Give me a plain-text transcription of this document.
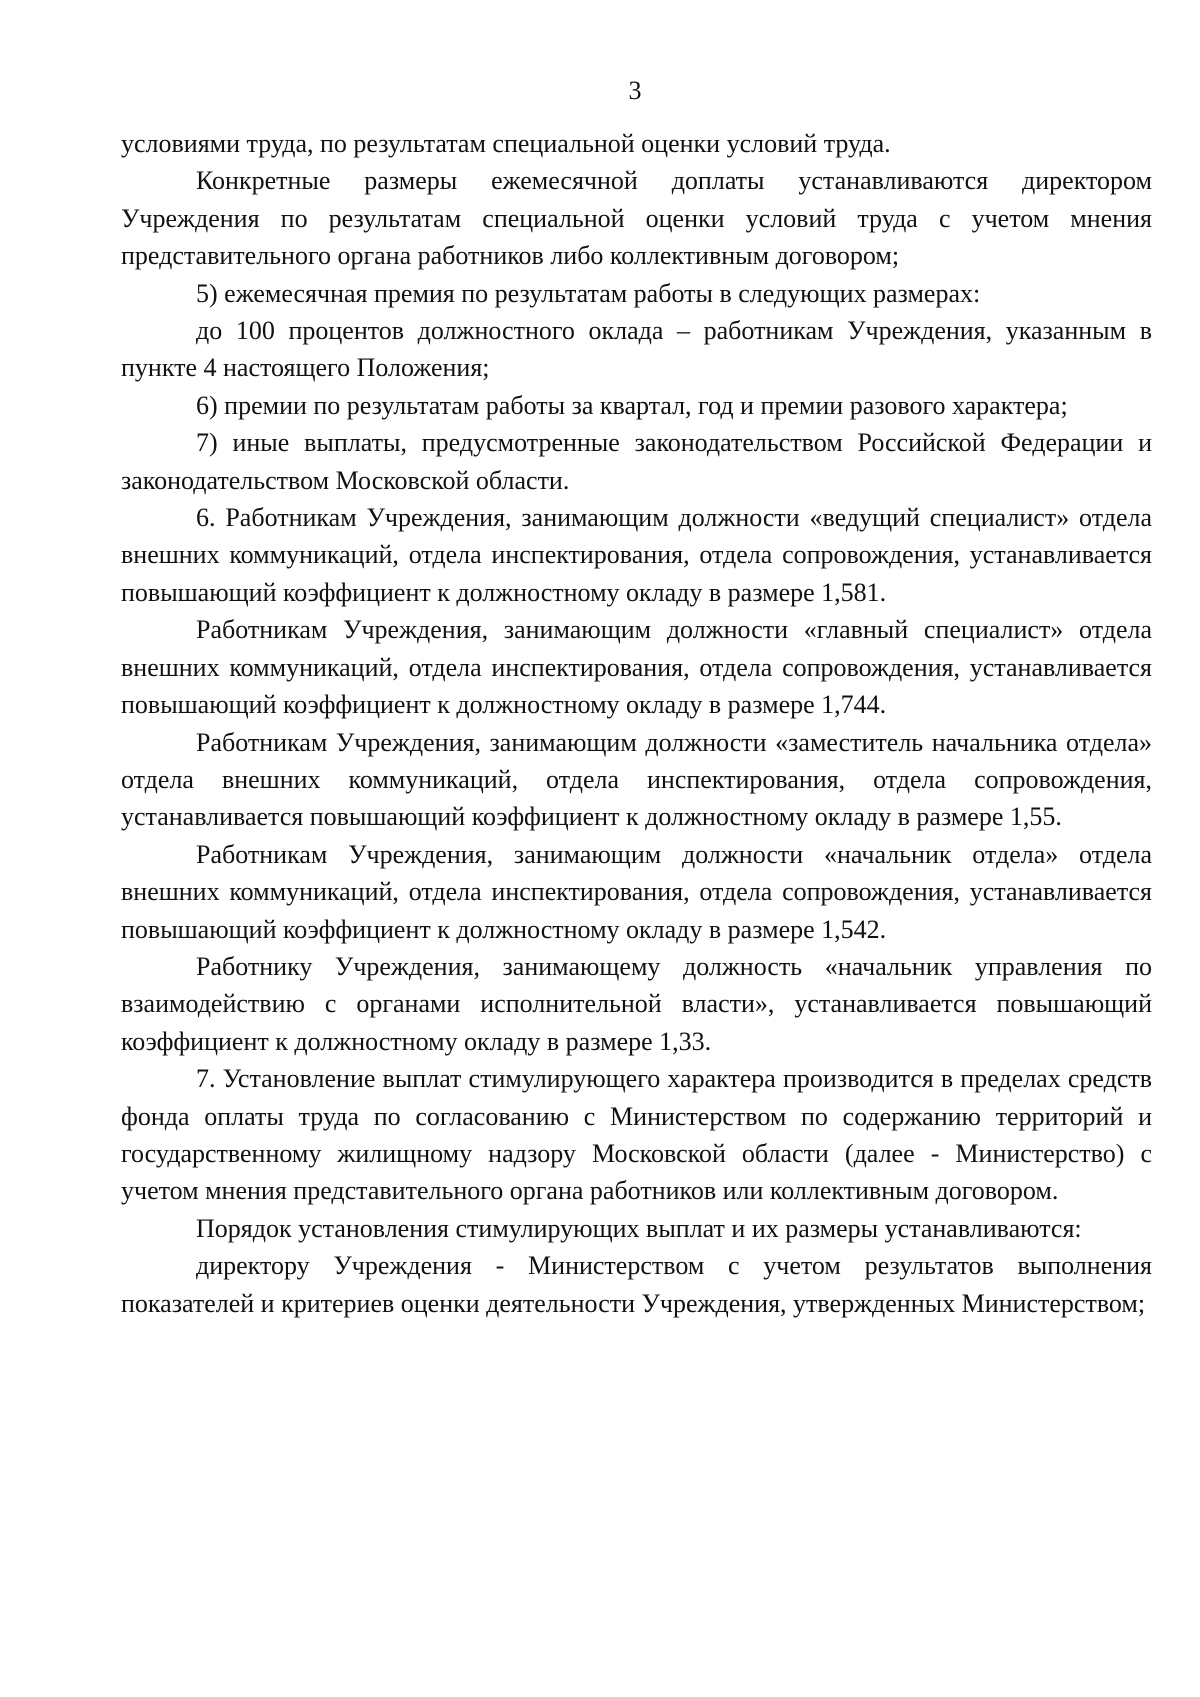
3

условиями труда, по результатам специальной оценки условий труда.

Конкретные размеры ежемесячной доплаты устанавливаются директором Учреждения по результатам специальной оценки условий труда с учетом мнения представительного органа работников либо коллективным договором;

5) ежемесячная премия по результатам работы в следующих размерах:

до 100 процентов должностного оклада – работникам Учреждения, указанным в пункте 4 настоящего Положения;

6) премии по результатам работы за квартал, год и премии разового характера;

7) иные выплаты, предусмотренные законодательством Российской Федерации и законодательством Московской области.

6. Работникам Учреждения, занимающим должности «ведущий специалист» отдела внешних коммуникаций, отдела инспектирования, отдела сопровождения, устанавливается повышающий коэффициент к должностному окладу в размере 1,581.

Работникам Учреждения, занимающим должности «главный специалист» отдела внешних коммуникаций, отдела инспектирования, отдела сопровождения, устанавливается повышающий коэффициент к должностному окладу в размере 1,744.

Работникам Учреждения, занимающим должности «заместитель начальника отдела» отдела внешних коммуникаций, отдела инспектирования, отдела сопровождения, устанавливается повышающий коэффициент к должностному окладу в размере 1,55.

Работникам Учреждения, занимающим должности «начальник отдела» отдела внешних коммуникаций, отдела инспектирования, отдела сопровождения, устанавливается повышающий коэффициент к должностному окладу в размере 1,542.

Работнику Учреждения, занимающему должность «начальник управления по взаимодействию с органами исполнительной власти», устанавливается повышающий коэффициент к должностному окладу в размере 1,33.

7. Установление выплат стимулирующего характера производится в пределах средств фонда оплаты труда по согласованию с Министерством по содержанию территорий и государственному жилищному надзору Московской области (далее - Министерство) с учетом мнения представительного органа работников или коллективным договором.

Порядок установления стимулирующих выплат и их размеры устанавливаются:

директору Учреждения - Министерством с учетом результатов выполнения показателей и критериев оценки деятельности Учреждения, утвержденных Министерством;
